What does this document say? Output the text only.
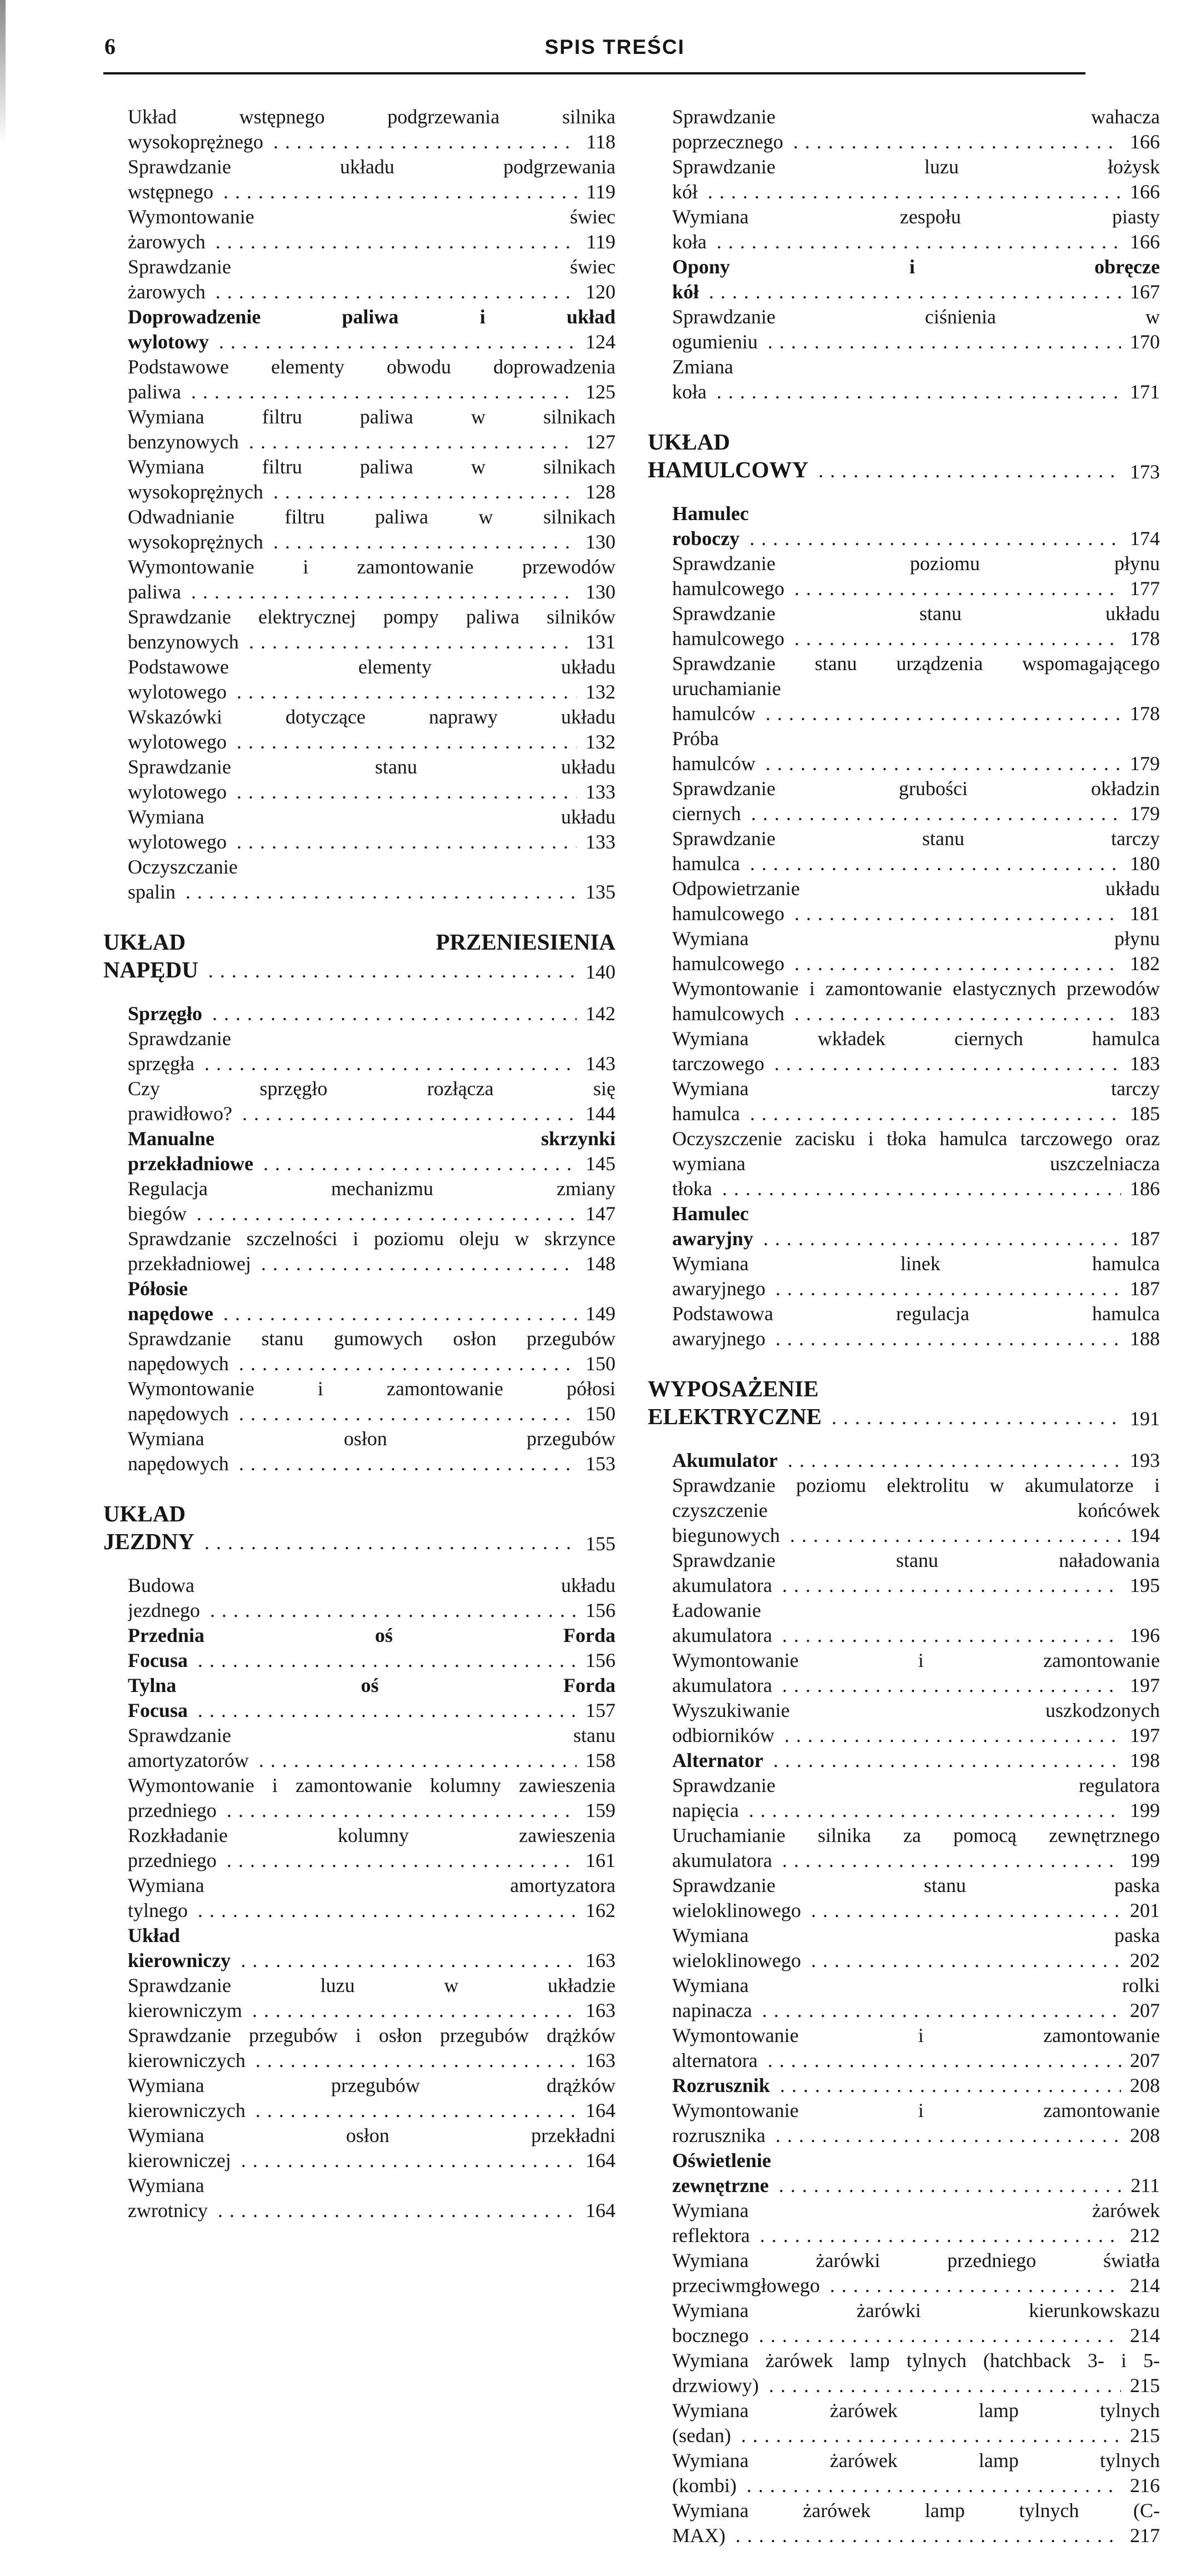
6	SPIS TREŚCI
Układ wstępnego podgrzewania silnika wysokoprężnego . . .	118
Sprawdzanie układu podgrzewania wstępnego . . .	119
Wymontowanie świec żarowych . . .	119
Sprawdzanie świec żarowych . . .	120
Doprowadzenie paliwa i układ wylotowy . . .	124
Podstawowe elementy obwodu doprowadzenia paliwa . . .	125
Wymiana filtru paliwa w silnikach benzynowych . . .	127
Wymiana filtru paliwa w silnikach wysokoprężnych . . .	128
Odwadnianie filtru paliwa w silnikach wysokoprężnych . . .	130
Wymontowanie i zamontowanie przewodów paliwa . . .	130
Sprawdzanie elektrycznej pompy paliwa silników benzynowych . . .	131
Podstawowe elementy układu wylotowego . . .	132
Wskazówki dotyczące naprawy układu wylotowego . . .	132
Sprawdzanie stanu układu wylotowego . . .	133
Wymiana układu wylotowego . . .	133
Oczyszczanie spalin . . .	135
UKŁAD PRZENIESIENIA NAPĘDU . . .	140
Sprzęgło . . .	142
Sprawdzanie sprzęgła . . .	143
Czy sprzęgło rozłącza się prawidłowo? . . .	144
Manualne skrzynki przekładniowe . . .	145
Regulacja mechanizmu zmiany biegów . . .	147
Sprawdzanie szczelności i poziomu oleju w skrzynce przekładniowej . . .	148
Półosie napędowe . . .	149
Sprawdzanie stanu gumowych osłon przegubów napędowych . . .	150
Wymontowanie i zamontowanie półosi napędowych . . .	150
Wymiana osłon przegubów napędowych . . .	153
UKŁAD JEZDNY . . .	155
Budowa układu jezdnego . . .	156
Przednia oś Forda Focusa . . .	156
Tylna oś Forda Focusa . . .	157
Sprawdzanie stanu amortyzatorów . . .	158
Wymontowanie i zamontowanie kolumny zawieszenia przedniego . . .	159
Rozkładanie kolumny zawieszenia przedniego . . .	161
Wymiana amortyzatora tylnego . . .	162
Układ kierowniczy . . .	163
Sprawdzanie luzu w układzie kierowniczym . . .	163
Sprawdzanie przegubów i osłon przegubów drążków kierowniczych . . .	163
Wymiana przegubów drążków kierowniczych . . .	164
Wymiana osłon przekładni kierowniczej . . .	164
Wymiana zwrotnicy . . .	164
Sprawdzanie wahacza poprzecznego . . .	166
Sprawdzanie luzu łożysk kół . . .	166
Wymiana zespołu piasty koła . . .	166
Opony i obręcze kół . . .	167
Sprawdzanie ciśnienia w ogumieniu . . .	170
Zmiana koła . . .	171
UKŁAD HAMULCOWY . . .	173
Hamulec roboczy . . .	174
Sprawdzanie poziomu płynu hamulcowego . . .	177
Sprawdzanie stanu układu hamulcowego . . .	178
Sprawdzanie stanu urządzenia wspomagającego uruchamianie hamulców . . .	178
Próba hamulców . . .	179
Sprawdzanie grubości okładzin ciernych . . .	179
Sprawdzanie stanu tarczy hamulca . . .	180
Odpowietrzanie układu hamulcowego . . .	181
Wymiana płynu hamulcowego . . .	182
Wymontowanie i zamontowanie elastycznych przewodów hamulcowych . . .	183
Wymiana wkładek ciernych hamulca tarczowego . . .	183
Wymiana tarczy hamulca . . .	185
Oczyszczenie zacisku i tłoka hamulca tarczowego oraz wymiana uszczelniacza tłoka . . .	186
Hamulec awaryjny . . .	187
Wymiana linek hamulca awaryjnego . . .	187
Podstawowa regulacja hamulca awaryjnego . . .	188
WYPOSAŻENIE ELEKTRYCZNE . . .	191
Akumulator . . .	193
Sprawdzanie poziomu elektrolitu w akumulatorze i czyszczenie końcówek biegunowych . . .	194
Sprawdzanie stanu naładowania akumulatora . . .	195
Ładowanie akumulatora . . .	196
Wymontowanie i zamontowanie akumulatora . . .	197
Wyszukiwanie uszkodzonych odbiorników . . .	197
Alternator . . .	198
Sprawdzanie regulatora napięcia . . .	199
Uruchamianie silnika za pomocą zewnętrznego akumulatora . . .	199
Sprawdzanie stanu paska wieloklinowego . . .	201
Wymiana paska wieloklinowego . . .	202
Wymiana rolki napinacza . . .	207
Wymontowanie i zamontowanie alternatora . . .	207
Rozrusznik . . .	208
Wymontowanie i zamontowanie rozrusznika . . .	208
Oświetlenie zewnętrzne . . .	211
Wymiana żarówek reflektora . . .	212
Wymiana żarówki przedniego światła przeciwmgłowego . . .	214
Wymiana żarówki kierunkowskazu bocznego . . .	214
Wymiana żarówek lamp tylnych (hatchback 3- i 5-drzwiowy) . . .	215
Wymiana żarówek lamp tylnych (sedan) . . .	215
Wymiana żarówek lamp tylnych (kombi) . . .	216
Wymiana żarówek lamp tylnych (C-MAX) . . .	217
